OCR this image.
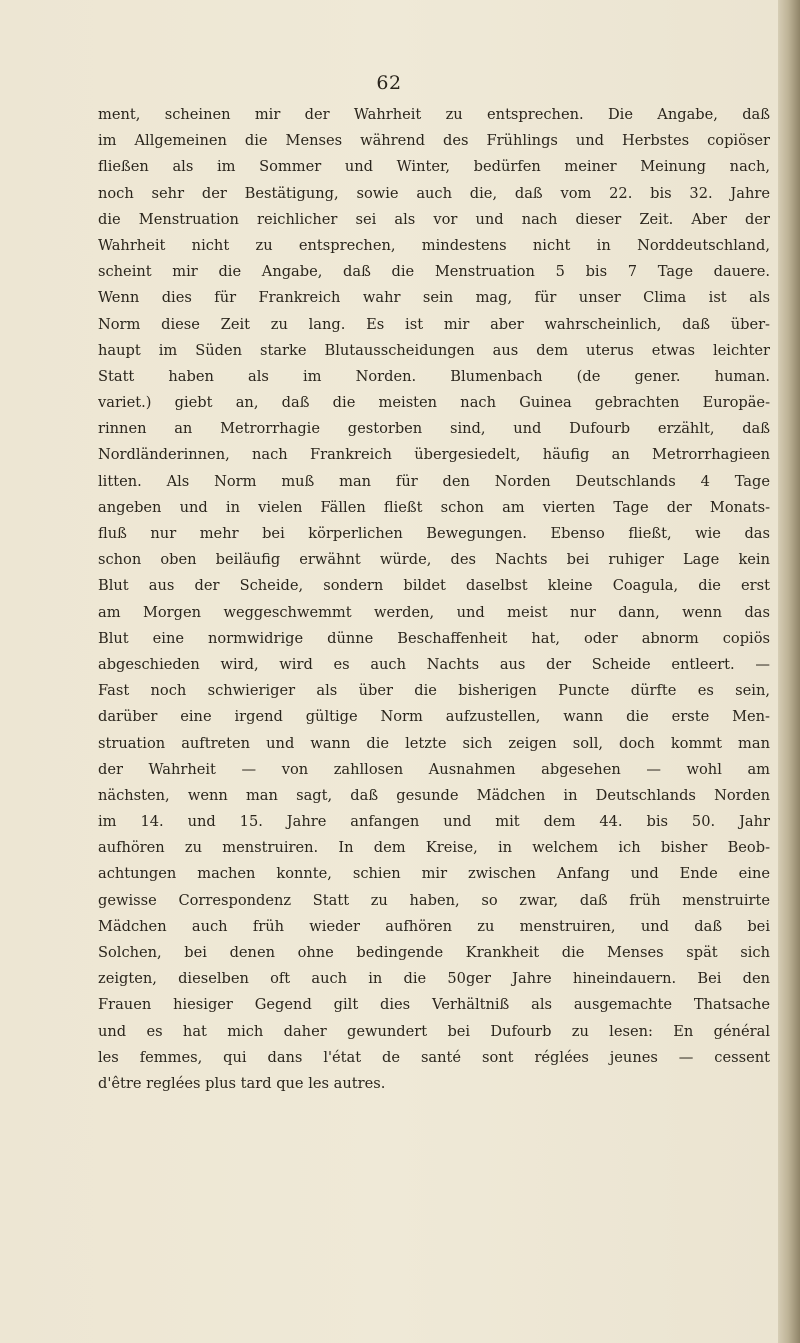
62
ment, scheinen mir der Wahrheit zu entsprechen. Die Angabe, daß
im Allgemeinen die Menses während des Frühlings und Herbstes copiöser
fließen als im Sommer und Winter, bedürfen meiner Meinung nach,
noch sehr der Bestätigung, sowie auch die, daß vom 22. bis 32. Jahre
die Menstruation reichlicher sei als vor und nach dieser Zeit. Aber der
Wahrheit nicht zu entsprechen, mindestens nicht in Norddeutschland,
scheint mir die Angabe, daß die Menstruation 5 bis 7 Tage dauere.
Wenn dies für Frankreich wahr sein mag, für unser Clima ist als
Norm diese Zeit zu lang. Es ist mir aber wahrscheinlich, daß über-
haupt im Süden starke Blutausscheidungen aus dem uterus etwas leichter
Statt haben als im Norden. Blumenbach (de gener. human.
variet.) giebt an, daß die meisten nach Guinea gebrachten Europäe-
rinnen an Metrorrhagie gestorben sind, und Dufourb erzählt, daß
Nordländerinnen, nach Frankreich übergesiedelt, häufig an Metrorrhagieen
litten. Als Norm muß man für den Norden Deutschlands 4 Tage
angeben und in vielen Fällen fließt schon am vierten Tage der Monats-
fluß nur mehr bei körperlichen Bewegungen. Ebenso fließt, wie das
schon oben beiläufig erwähnt würde, des Nachts bei ruhiger Lage kein
Blut aus der Scheide, sondern bildet daselbst kleine Coagula, die erst
am Morgen weggeschwemmt werden, und meist nur dann, wenn das
Blut eine normwidrige dünne Beschaffenheit hat, oder abnorm copiös
abgeschieden wird, wird es auch Nachts aus der Scheide entleert. —
Fast noch schwieriger als über die bisherigen Puncte dürfte es sein,
darüber eine irgend gültige Norm aufzustellen, wann die erste Men-
struation auftreten und wann die letzte sich zeigen soll, doch kommt man
der Wahrheit — von zahllosen Ausnahmen abgesehen — wohl am
nächsten, wenn man sagt, daß gesunde Mädchen in Deutschlands Norden
im 14. und 15. Jahre anfangen und mit dem 44. bis 50. Jahr
aufhören zu menstruiren. In dem Kreise, in welchem ich bisher Beob-
achtungen machen konnte, schien mir zwischen Anfang und Ende eine
gewisse Correspondenz Statt zu haben, so zwar, daß früh menstruirte
Mädchen auch früh wieder aufhören zu menstruiren, und daß bei
Solchen, bei denen ohne bedingende Krankheit die Menses spät sich
zeigten, dieselben oft auch in die 50ger Jahre hineindauern. Bei den
Frauen hiesiger Gegend gilt dies Verhältniß als ausgemachte Thatsache
und es hat mich daher gewundert bei Dufourb zu lesen: En général
les femmes, qui dans l'état de santé sont réglées jeunes — cessent
d'être reglées plus tard que les autres.
